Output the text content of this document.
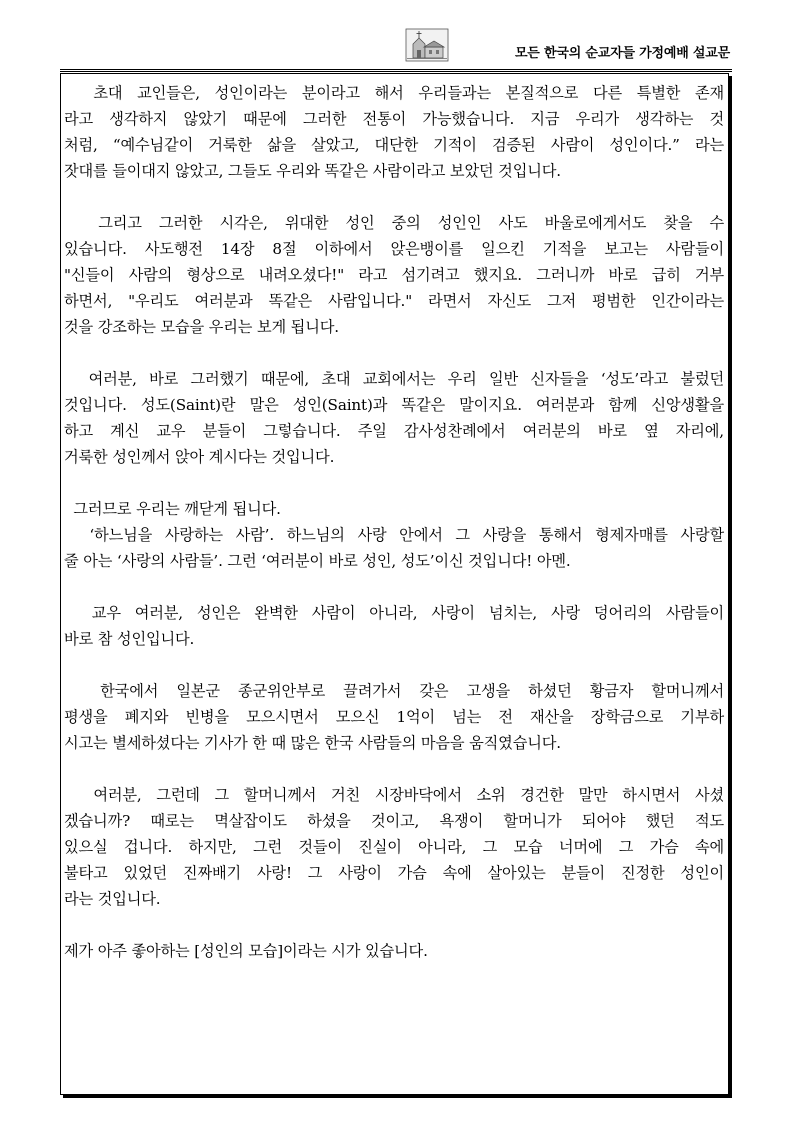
모든 한국의 순교자들 가정예배 설교문
초대 교인들은, 성인이라는 분이라고 해서 우리들과는 본질적으로 다른 특별한 존재
라고 생각하지 않았기 때문에 그러한 전통이 가능했습니다. 지금 우리가 생각하는 것
처럼, “예수님같이 거룩한 삶을 살았고, 대단한 기적이 검증된 사람이 성인이다.” 라는
잣대를 들이대지 않았고, 그들도 우리와 똑같은 사람이라고 보았던 것입니다.
그리고 그러한 시각은, 위대한 성인 중의 성인인 사도 바울로에게서도 찾을 수
있습니다. 사도행전 14장 8절 이하에서 앉은뱅이를 일으킨 기적을 보고는 사람들이
"신들이 사람의 형상으로 내려오셨다!" 라고 섬기려고 했지요. 그러니까 바로 급히 거부
하면서, "우리도 여러분과 똑같은 사람입니다." 라면서 자신도 그저 평범한 인간이라는
것을 강조하는 모습을 우리는 보게 됩니다.
여러분, 바로 그러했기 때문에, 초대 교회에서는 우리 일반 신자들을 ‘성도’라고 불렀던
것입니다. 성도(Saint)란 말은 성인(Saint)과 똑같은 말이지요. 여러분과 함께 신앙생활을
하고 계신 교우 분들이 그렇습니다. 주일 감사성찬례에서 여러분의 바로 옆 자리에,
거룩한 성인께서 앉아 계시다는 것입니다.
그러므로 우리는 깨닫게 됩니다.
‘하느님을 사랑하는 사람’. 하느님의 사랑 안에서 그 사랑을 통해서 형제자매를 사랑할
줄 아는 ‘사랑의 사람들’. 그런 ‘여러분이 바로 성인, 성도’이신 것입니다! 아멘.
교우 여러분, 성인은 완벽한 사람이 아니라, 사랑이 넘치는, 사랑 덩어리의 사람들이
바로 참 성인입니다.
한국에서 일본군 종군위안부로 끌려가서 갖은 고생을 하셨던 황금자 할머니께서
평생을 폐지와 빈병을 모으시면서 모으신 1억이 넘는 전 재산을 장학금으로 기부하
시고는 별세하셨다는 기사가 한 때 많은 한국 사람들의 마음을 움직였습니다.
여러분, 그런데 그 할머니께서 거친 시장바닥에서 소위 경건한 말만 하시면서 사셨
겠습니까? 때로는 멱살잡이도 하셨을 것이고, 욕쟁이 할머니가 되어야 했던 적도
있으실 겁니다. 하지만, 그런 것들이 진실이 아니라, 그 모습 너머에 그 가슴 속에
불타고 있었던 진짜배기 사랑! 그 사랑이 가슴 속에 살아있는 분들이 진정한 성인이
라는 것입니다.
제가 아주 좋아하는 [성인의 모습]이라는 시가 있습니다.
